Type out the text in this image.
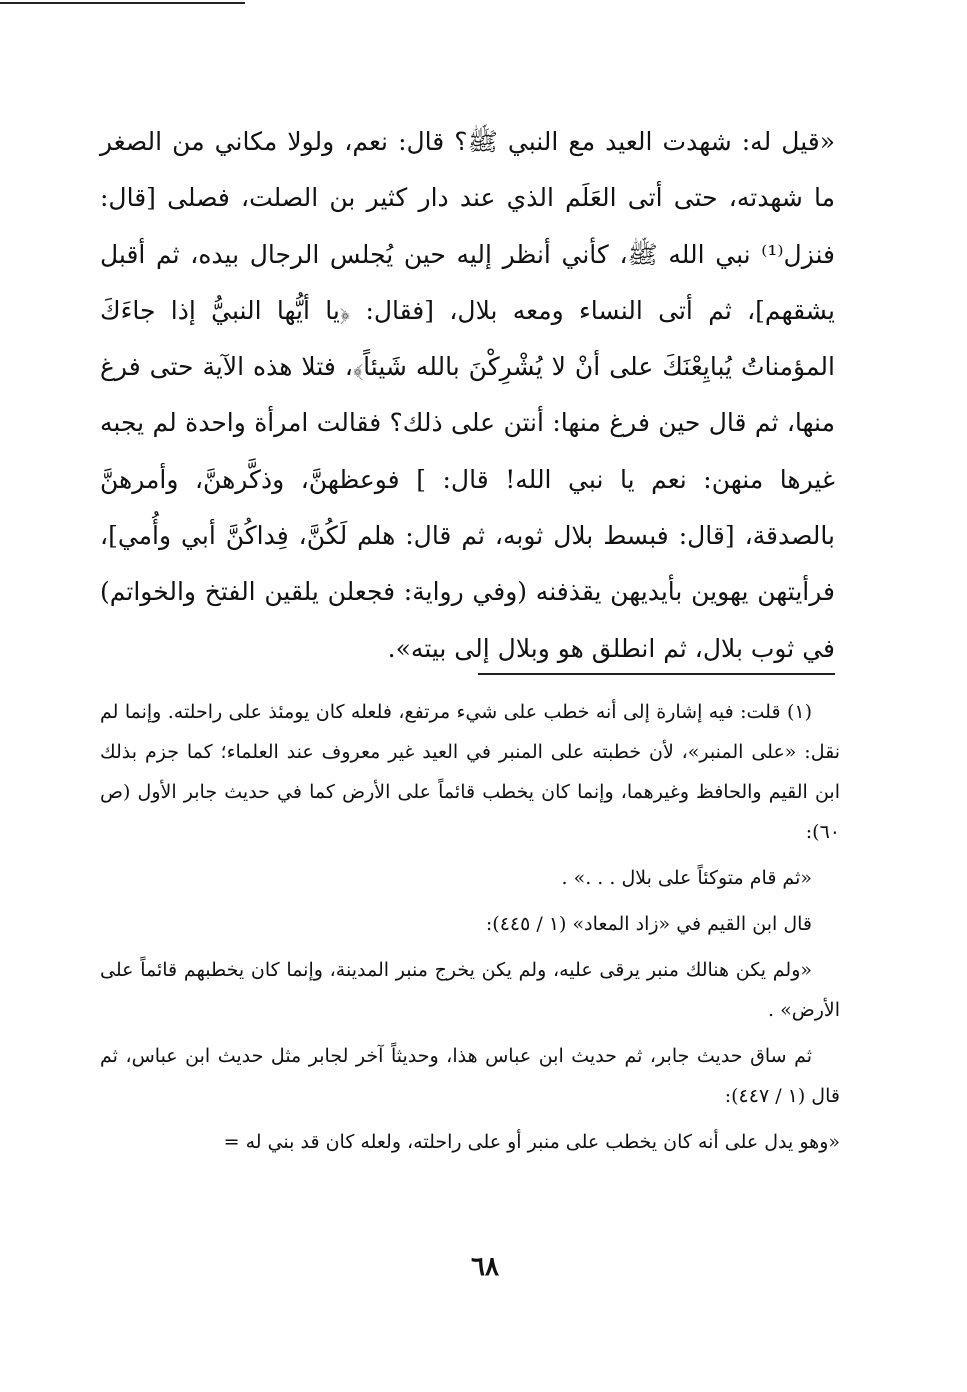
«قيل له: شهدت العيد مع النبي ﷺ؟ قال: نعم، ولولا مكاني من الصغر ما شهدته، حتى أتى العَلَم الذي عند دار كثير بن الصلت، فصلى [قال: فنزل⁽¹⁾ نبي الله ﷺ، كأني أنظر إليه حين يُجلس الرجال بيده، ثم أقبل يشقهم]، ثم أتى النساء ومعه بلال، [فقال: ﴿يا أيُّها النبيُّ إذا جاءَكَ المؤمناتُ يُبايِعْنَكَ على أنْ لا يُشْرِكْنَ بالله شَيئاً﴾، فتلا هذه الآية حتى فرغ منها، ثم قال حين فرغ منها: أنتن على ذلك؟ فقالت امرأة واحدة لم يجبه غيرها منهن: نعم يا نبي الله! قال: ] فوعظهنَّ، وذكَّرهنَّ، وأمرهنَّ بالصدقة، [قال: فبسط بلال ثوبه، ثم قال: هلم لَكُنَّ، فِداكُنَّ أبي وأُمي]، فرأيتهن يهوين بأيديهن يقذفنه (وفي رواية: فجعلن يلقين الفتخ والخواتم) في ثوب بلال، ثم انطلق هو وبلال إلى بيته».

(١) قلت: فيه إشارة إلى أنه خطب على شيء مرتفع، فلعله كان يومئذ على راحلته. وإنما لم نقل: «على المنبر»، لأن خطبته على المنبر في العيد غير معروف عند العلماء؛ كما جزم بذلك ابن القيم والحافظ وغيرهما، وإنما كان يخطب قائماً على الأرض كما في حديث جابر الأول (ص ٦٠):

«ثم قام متوكئاً على بلال . . .» .

قال ابن القيم في «زاد المعاد» (١ / ٤٤٥):

«ولم يكن هنالك منبر يرقى عليه، ولم يكن يخرج منبر المدينة، وإنما كان يخطبهم قائماً على الأرض» .

ثم ساق حديث جابر، ثم حديث ابن عباس هذا، وحديثاً آخر لجابر مثل حديث ابن عباس، ثم قال (١ / ٤٤٧):

«وهو يدل على أنه كان يخطب على منبر أو على راحلته، ولعله كان قد بني له =

٦٨
